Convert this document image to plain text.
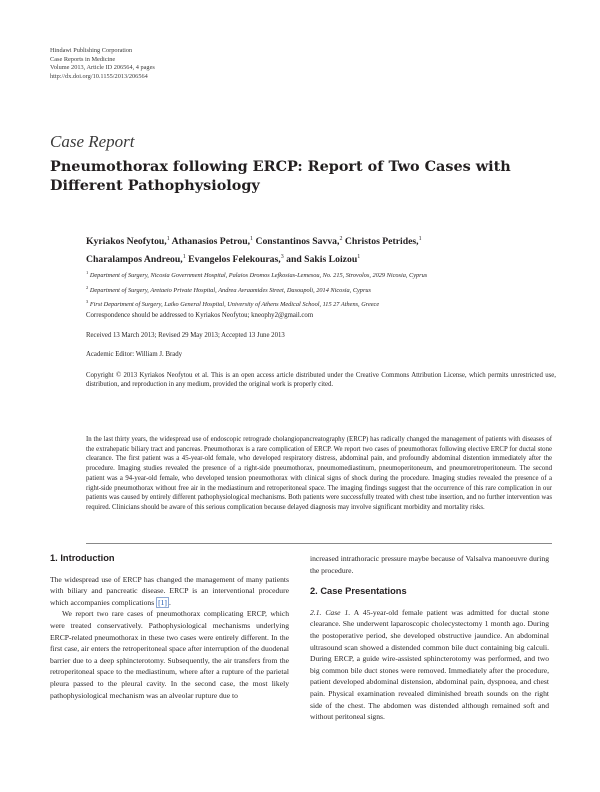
Hindawi Publishing Corporation
Case Reports in Medicine
Volume 2013, Article ID 206564, 4 pages
http://dx.doi.org/10.1155/2013/206564
Case Report
Pneumothorax following ERCP: Report of Two Cases with Different Pathophysiology
Kyriakos Neofytou,$^1$ Athanasios Petrou,$^1$ Constantinos Savva,$^2$ Christos Petrides,$^1$
Charalampos Andreou,$^1$ Evangelos Felekouras,$^3$ and Sakis Loizou$^1$
$^1$ Department of Surgery, Nicosia Government Hospital, Palaios Dromos Lefkosias-Lemesou, No. 215, Strovolos, 2029 Nicosia, Cyprus
$^2$ Department of Surgery, Aretaeio Private Hospital, Andrea Avraamides Street, Dasoupoli, 2014 Nicosia, Cyprus
$^3$ First Department of Surgery, Laiko General Hospital, University of Athens Medical School, 115 27 Athens, Greece
Correspondence should be addressed to Kyriakos Neofytou; kneophy2@gmail.com
Received 13 March 2013; Revised 29 May 2013; Accepted 13 June 2013
Academic Editor: William J. Brady
Copyright © 2013 Kyriakos Neofytou et al. This is an open access article distributed under the Creative Commons Attribution License, which permits unrestricted use, distribution, and reproduction in any medium, provided the original work is properly cited.
In the last thirty years, the widespread use of endoscopic retrograde cholangiopancreatography (ERCP) has radically changed the management of patients with diseases of the extrahepatic biliary tract and pancreas. Pneumothorax is a rare complication of ERCP. We report two cases of pneumothorax following elective ERCP for ductal stone clearance. The first patient was a 45-year-old female, who developed respiratory distress, abdominal pain, and profoundly abdominal distention immediately after the procedure. Imaging studies revealed the presence of a right-side pneumothorax, pneumomediastinum, pneumoperitoneum, and pneumoretroperitoneum. The second patient was a 94-year-old female, who developed tension pneumothorax with clinical signs of shock during the procedure. Imaging studies revealed the presence of a right-side pneumothorax without free air in the mediastinum and retroperitoneal space. The imaging findings suggest that the occurrence of this rare complication in our patients was caused by entirely different pathophysiological mechanisms. Both patients were successfully treated with chest tube insertion, and no further intervention was required. Clinicians should be aware of this serious complication because delayed diagnosis may involve significant morbidity and mortality risks.
1. Introduction

The widespread use of ERCP has changed the management of many patients with biliary and pancreatic disease. ERCP is an interventional procedure which accompanies complications [1] .

We report two rare cases of pneumothorax complicating ERCP, which were treated conservatively. Pathophysiological mechanisms underlying ERCP-related pneumothorax in these two cases were entirely different. In the first case, air enters the retroperitoneal space after interruption of the duodenal barrier due to a deep sphincterotomy. Subsequently, the air transfers from the retroperitoneal space to the mediastinum, where after a rupture of the parietal pleura passed to the pleural cavity. In the second case, the most likely pathophysiological mechanism was an alveolar rupture due to

increased intrathoracic pressure maybe because of Valsalva manoeuvre during the procedure.

2. Case Presentations

2.1. Case 1. A 45-year-old female patient was admitted for ductal stone clearance. She underwent laparoscopic cholecystectomy 1 month ago. During the postoperative period, she developed obstructive jaundice. An abdominal ultrasound scan showed a distended common bile duct containing big calculi. During ERCP, a guide wire-assisted sphincterotomy was performed, and two big common bile duct stones were removed. Immediately after the procedure, patient developed abdominal distension, abdominal pain, dyspnoea, and chest pain. Physical examination revealed diminished breath sounds on the right side of the chest. The abdomen was distended although remained soft and without peritoneal signs.
